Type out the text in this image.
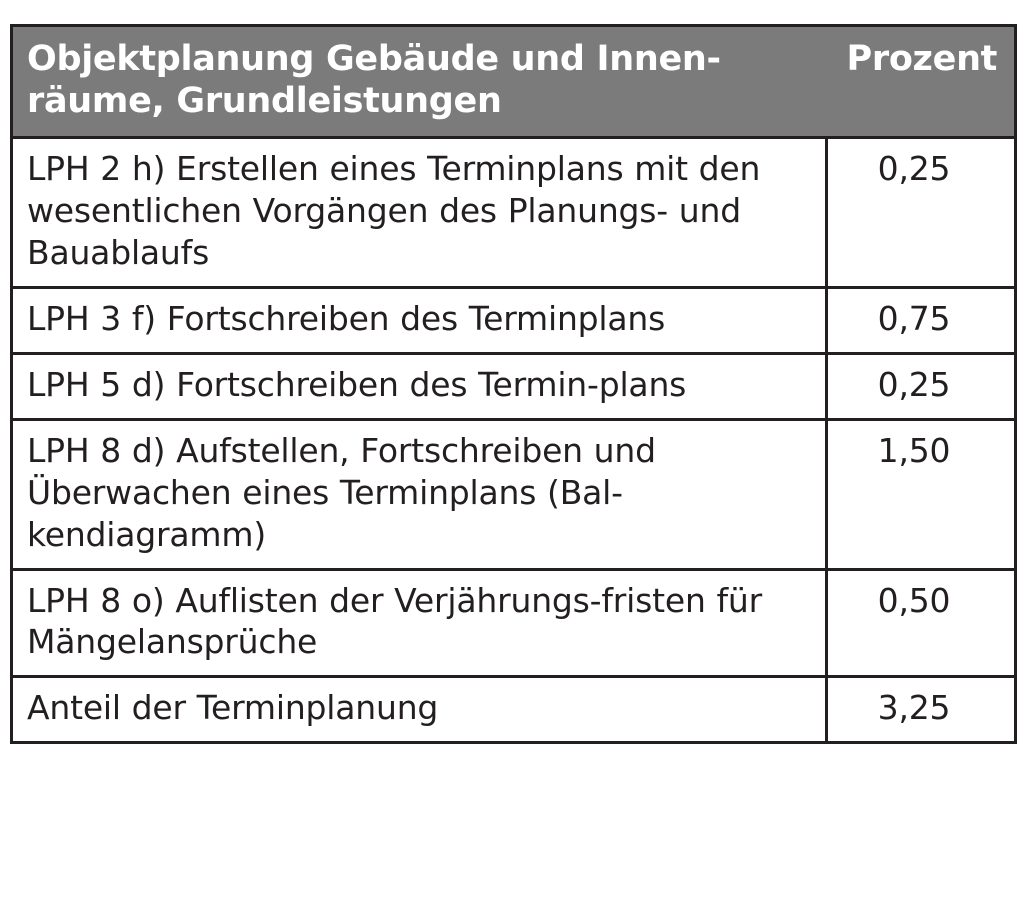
Objektplanung Gebäude und Innen-räume, Grundleistungen	Prozent

LPH 2 h) Erstellen eines Terminplans mit den wesentlichen Vorgängen des Planungs- und Bauablaufs	0,25

LPH 3 f) Fortschreiben des Terminplans	0,75

LPH 5 d) Fortschreiben des Termin-plans	0,25

LPH 8 d) Aufstellen, Fortschreiben und Überwachen eines Terminplans (Bal-kendiagramm)	1,50

LPH 8 o) Auflisten der Verjährungs-fristen für Mängelansprüche	0,50

Anteil der Terminplanung	3,25
